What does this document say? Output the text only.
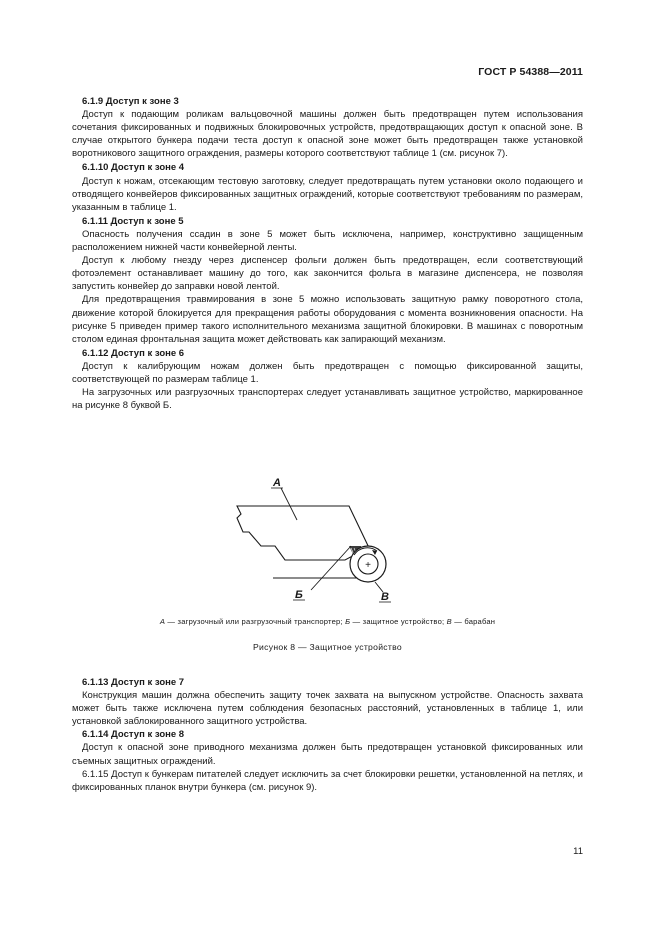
ГОСТ Р 54388—2011

6.1.9 Доступ к зоне 3

Доступ к подающим роликам вальцовочной машины должен быть предотвращен путем использования сочетания фиксированных и подвижных блокировочных устройств, предотвращающих доступ к опасной зоне. В случае открытого бункера подачи теста доступ к опасной зоне может быть предотвращен также установкой воротникового защитного ограждения, размеры которого соответствуют таблице 1 (см. рисунок 7).

6.1.10 Доступ к зоне 4

Доступ к ножам, отсекающим тестовую заготовку, следует предотвращать путем установки около подающего и отводящего конвейеров фиксированных защитных ограждений, которые соответствуют требованиям по размерам, указанным в таблице 1.

6.1.11 Доступ к зоне 5

Опасность получения ссадин в зоне 5 может быть исключена, например, конструктивно защищенным расположением нижней части конвейерной ленты.

Доступ к любому гнезду через диспенсер фольги должен быть предотвращен, если соответствующий фотоэлемент останавливает машину до того, как закончится фольга в магазине диспенсера, не позволяя запустить конвейер до заправки новой лентой.

Для предотвращения травмирования в зоне 5 можно использовать защитную рамку поворотного стола, движение которой блокируется для прекращения работы оборудования с момента возникновения опасности. На рисунке 5 приведен пример такого исполнительного механизма защитной блокировки. В машинах с поворотным столом единая фронтальная защита может действовать как запирающий механизм.

6.1.12 Доступ к зоне 6

Доступ к калибрующим ножам должен быть предотвращен с помощью фиксированной защиты, соответствующей по размерам таблице 1.

На загрузочных или разгрузочных транспортерах следует устанавливать защитное устройство, маркированное на рисунке 8 буквой Б.

+
А
Б	В
А — загрузочный или разгрузочный транспортер; Б — защитное устройство; В — барабан
Рисунок 8 — Защитное устройство

6.1.13 Доступ к зоне 7

Конструкция машин должна обеспечить защиту точек захвата на выпускном устройстве. Опасность захвата может быть также исключена путем соблюдения безопасных расстояний, установленных в таблице 1, или установкой заблокированного защитного устройства.

6.1.14 Доступ к зоне 8

Доступ к опасной зоне приводного механизма должен быть предотвращен установкой фиксированных или съемных защитных ограждений.

6.1.15 Доступ к бункерам питателей следует исключить за счет блокировки решетки, установленной на петлях, и фиксированных планок внутри бункера (см. рисунок 9).

11
